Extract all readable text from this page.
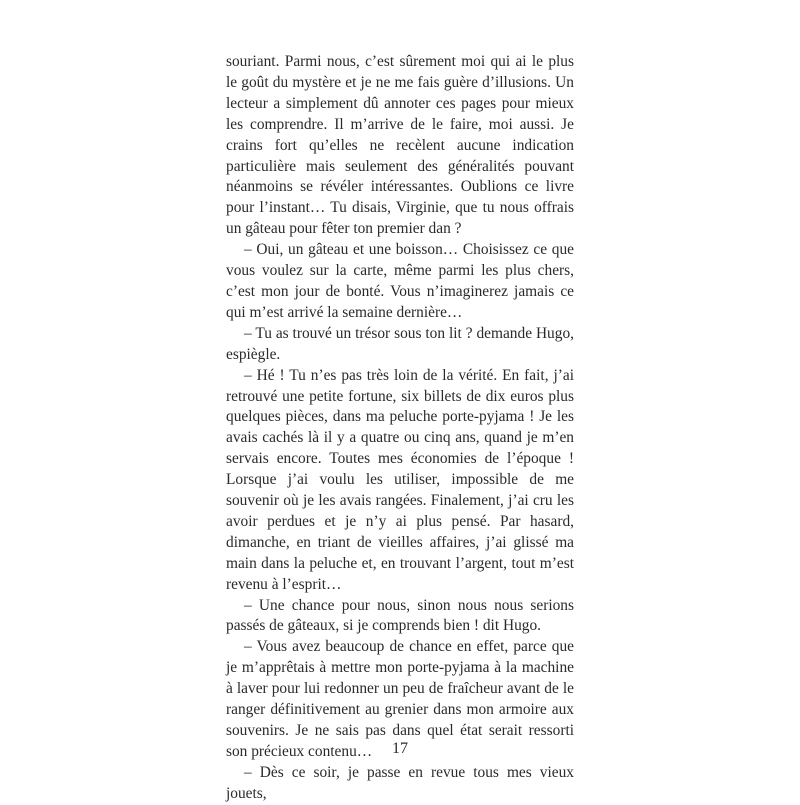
souriant. Parmi nous, c’est sûrement moi qui ai le plus le goût du mystère et je ne me fais guère d’illusions. Un lecteur a simplement dû annoter ces pages pour mieux les comprendre. Il m’arrive de le faire, moi aussi. Je crains fort qu’elles ne recèlent aucune indication particulière mais seulement des généralités pouvant néanmoins se révéler intéressantes. Oublions ce livre pour l’instant… Tu disais, Virginie, que tu nous offrais un gâteau pour fêter ton premier dan ?

– Oui, un gâteau et une boisson… Choisissez ce que vous voulez sur la carte, même parmi les plus chers, c’est mon jour de bonté. Vous n’imaginerez jamais ce qui m’est arrivé la semaine dernière…

– Tu as trouvé un trésor sous ton lit ? demande Hugo, espiègle.

– Hé ! Tu n’es pas très loin de la vérité. En fait, j’ai retrouvé une petite fortune, six billets de dix euros plus quelques pièces, dans ma peluche porte-pyjama ! Je les avais cachés là il y a quatre ou cinq ans, quand je m’en servais encore. Toutes mes économies de l’époque ! Lorsque j’ai voulu les utiliser, impossible de me souvenir où je les avais rangées. Finalement, j’ai cru les avoir perdues et je n’y ai plus pensé. Par hasard, dimanche, en triant de vieilles affaires, j’ai glissé ma main dans la peluche et, en trouvant l’argent, tout m’est revenu à l’esprit…

– Une chance pour nous, sinon nous nous serions passés de gâteaux, si je comprends bien ! dit Hugo.

– Vous avez beaucoup de chance en effet, parce que je m’apprêtais à mettre mon porte-pyjama à la machine à laver pour lui redonner un peu de fraîcheur avant de le ranger définitivement au grenier dans mon armoire aux souvenirs. Je ne sais pas dans quel état serait ressorti son précieux contenu…

– Dès ce soir, je passe en revue tous mes vieux jouets,

17
